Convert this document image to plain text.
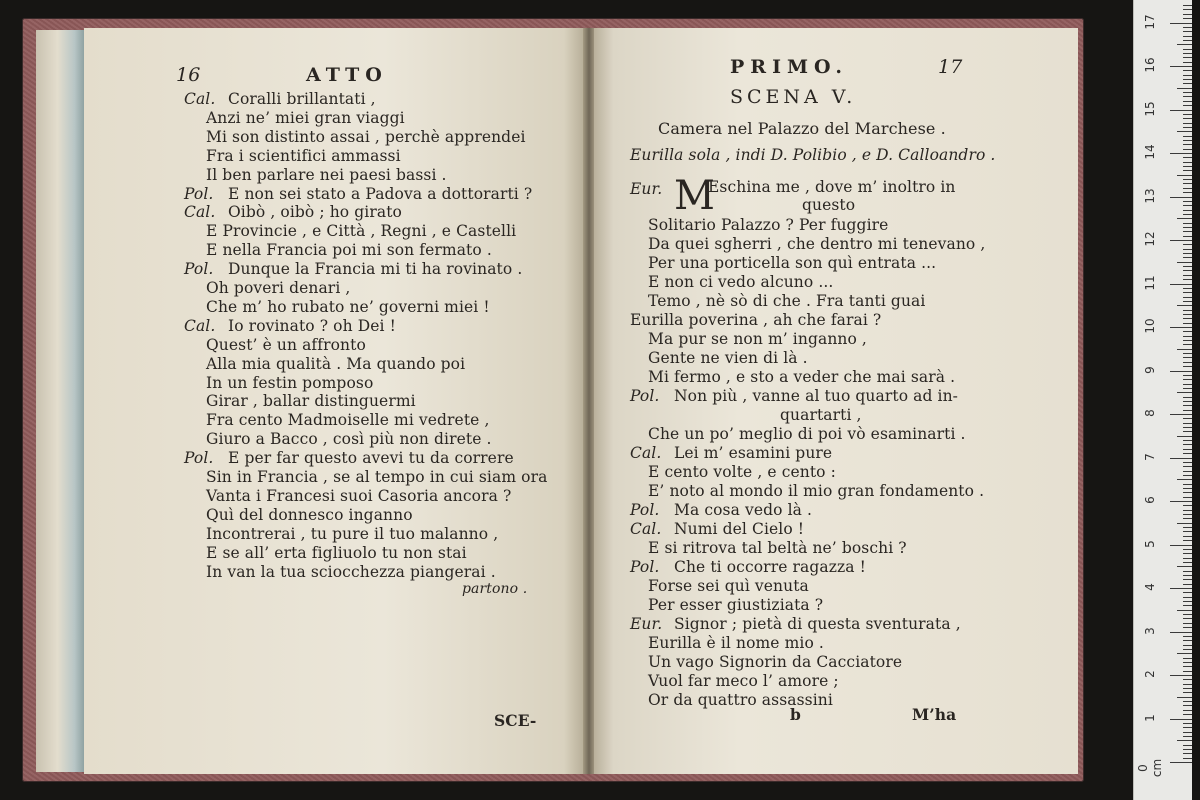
16	ATTO
Cal. Coralli brillantati ,
Anzi ne’ miei gran viaggi
Mi son distinto assai , perchè apprendei
Fra i scientifici ammassi
Il ben parlare nei paesi bassi .
Pol. E non sei stato a Padova a dottorarti ?
Cal. Oibò , oibò ; ho girato
E Provincie , e Città , Regni , e Castelli
E nella Francia poi mi son fermato .
Pol. Dunque la Francia mi ti ha rovinato .
Oh poveri denari ,
Che m’ ho rubato ne’ governi miei !
Cal. Io rovinato ? oh Dei !
Quest’ è un affronto
Alla mia qualità . Ma quando poi
In un festin pomposo
Girar , ballar distinguermi
Fra cento Madmoiselle mi vedrete ,
Giuro a Bacco , così più non direte .
Pol. E per far questo avevi tu da correre
Sin in Francia , se al tempo in cui siam ora
Vanta i Francesi suoi Casoria ancora ?
Quì del donnesco inganno
Incontrerai , tu pure il tuo malanno ,
E se all’ erta figliuolo tu non stai
In van la tua sciocchezza piangerai .
partono .
SCE-
PRIMO.	17
SCENA V.
Camera nel Palazzo del Marchese .
Eurilla sola , indi D. Polibio , e D. Calloandro .
Eur. M
Eschina me , dove m’ inoltro in
questo
Solitario Palazzo ? Per fuggire
Da quei sgherri , che dentro mi tenevano ,
Per una porticella son quì entrata ...
E non ci vedo alcuno ...
Temo , nè sò di che . Fra tanti guai
Eurilla poverina , ah che farai ?
Ma pur se non m’ inganno ,
Gente ne vien di là .
Mi fermo , e sto a veder che mai sarà .
Pol. Non più , vanne al tuo quarto ad in-
quartarti ,
Che un po’ meglio di poi vò esaminarti .
Cal. Lei m’ esamini pure
E cento volte , e cento :
E’ noto al mondo il mio gran fondamento .
Pol. Ma cosa vedo là .
Cal. Numi del Cielo !
E si ritrova tal beltà ne’ boschi ?
Pol. Che ti occorre ragazza !
Forse sei quì venuta
Per esser giustiziata ?
Eur. Signor ; pietà di questa sventurata ,
Eurilla è il nome mio .
Un vago Signorin da Cacciatore
Vuol far meco l’ amore ;
Or da quattro assassini
b	M’ha
0 cm
1
2
3
4
5
6
7
8
9
10
11
12
13
14
15
16
17
